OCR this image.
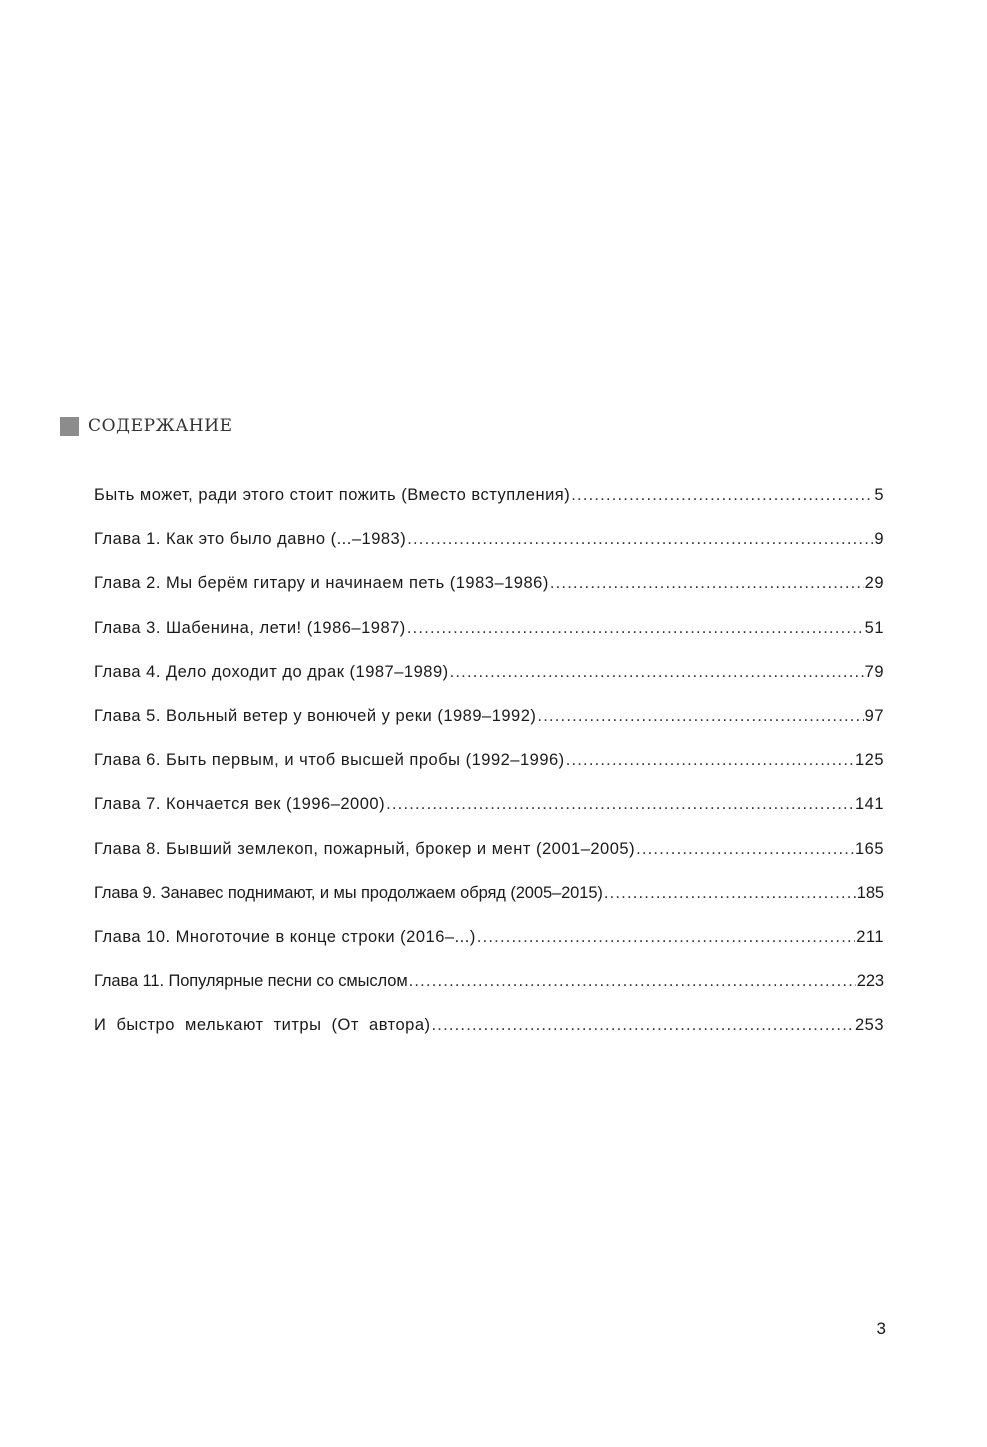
СОДЕРЖАНИЕ
Быть может, ради этого стоит пожить (Вместо вступления) .....	5
Глава 1. Как это было давно (...–1983) .....	9
Глава 2. Мы берём гитару и начинаем петь (1983–1986) .....	29
Глава 3. Шабенина, лети! (1986–1987) .....	51
Глава 4. Дело доходит до драк (1987–1989) .....	79
Глава 5. Вольный ветер у вонючей у реки (1989–1992) .....	97
Глава 6. Быть первым, и чтоб высшей пробы (1992–1996) .....	125
Глава 7. Кончается век (1996–2000) .....	141
Глава 8. Бывший землекоп, пожарный, брокер и мент (2001–2005) .....	165
Глава 9. Занавес поднимают, и мы продолжаем обряд (2005–2015) .....	185
Глава 10. Многоточие в конце строки (2016–...) .....	211
Глава 11. Популярные песни со смыслом .....	223
И быстро мелькают титры (От автора) .....	253
3
